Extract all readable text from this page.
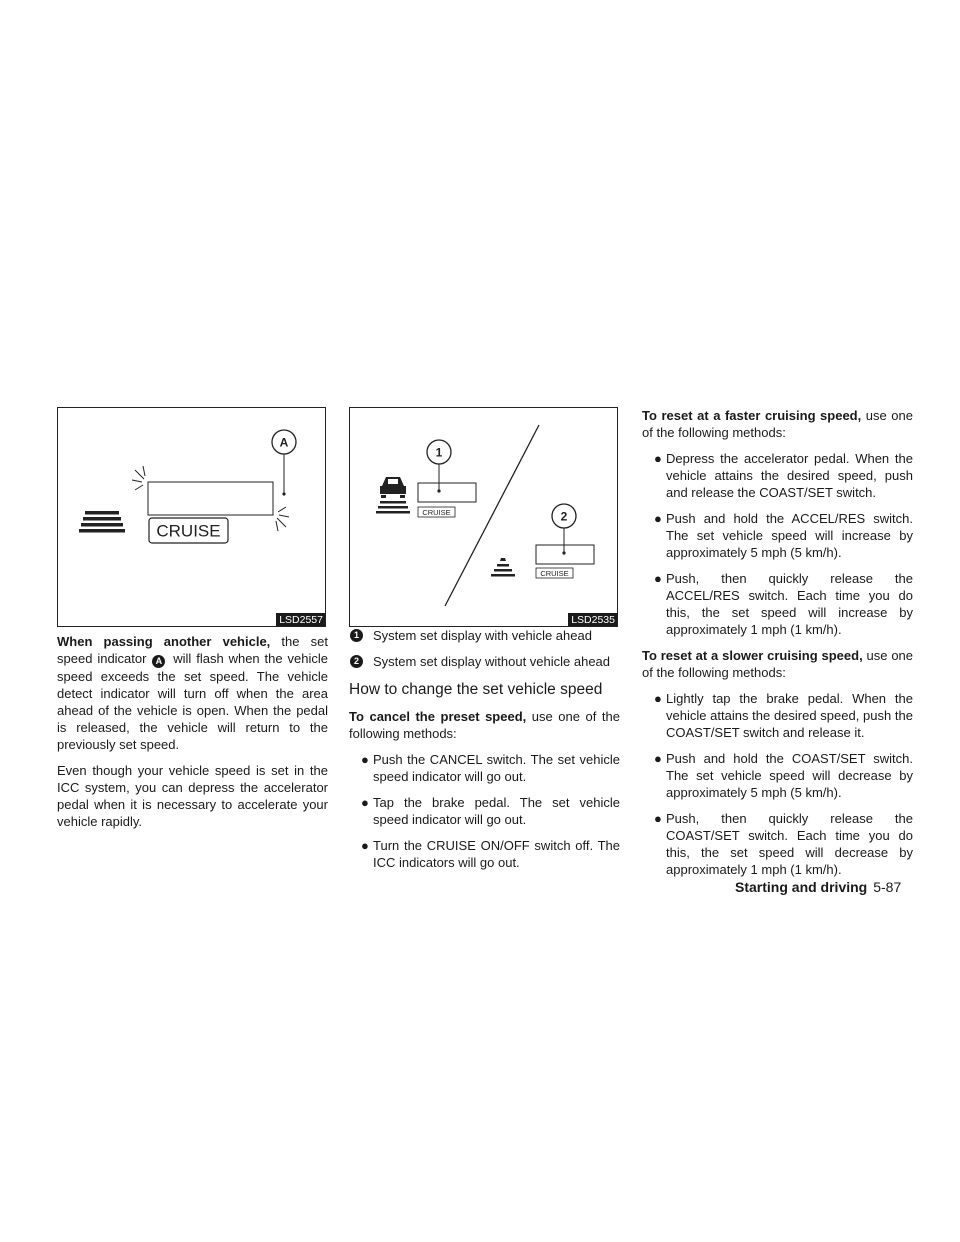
A
CRUISE
LSD2557

When passing another vehicle, the set speed indicator A will flash when the vehicle speed exceeds the set speed. The vehicle detect indicator will turn off when the area ahead of the vehicle is open. When the pedal is released, the vehicle will return to the previously set speed.

Even though your vehicle speed is set in the ICC system, you can depress the accelerator pedal when it is necessary to accelerate your vehicle rapidly.

1
CRUISE	2
CRUISE
LSD2535
1	System set display with vehicle ahead
2	System set display without vehicle ahead
How to change the set vehicle speed

To cancel the preset speed, use one of the following methods:

● Push the CANCEL switch. The set vehicle speed indicator will go out.
● Tap the brake pedal. The set vehicle speed indicator will go out.
● Turn the CRUISE ON/OFF switch off. The ICC indicators will go out.

To reset at a faster cruising speed, use one of the following methods:

● Depress the accelerator pedal. When the vehicle attains the desired speed, push and release the COAST/SET switch.
● Push and hold the ACCEL/RES switch. The set vehicle speed will increase by approximately 5 mph (5 km/h).
● Push, then quickly release the ACCEL/RES switch. Each time you do this, the set speed will increase by approximately 1 mph (1 km/h).

To reset at a slower cruising speed, use one of the following methods:

● Lightly tap the brake pedal. When the vehicle attains the desired speed, push the COAST/SET switch and release it.
● Push and hold the COAST/SET switch. The set vehicle speed will decrease by approximately 5 mph (5 km/h).
● Push, then quickly release the COAST/SET switch. Each time you do this, the set speed will decrease by approximately 1 mph (1 km/h).
Starting and driving 5-87
